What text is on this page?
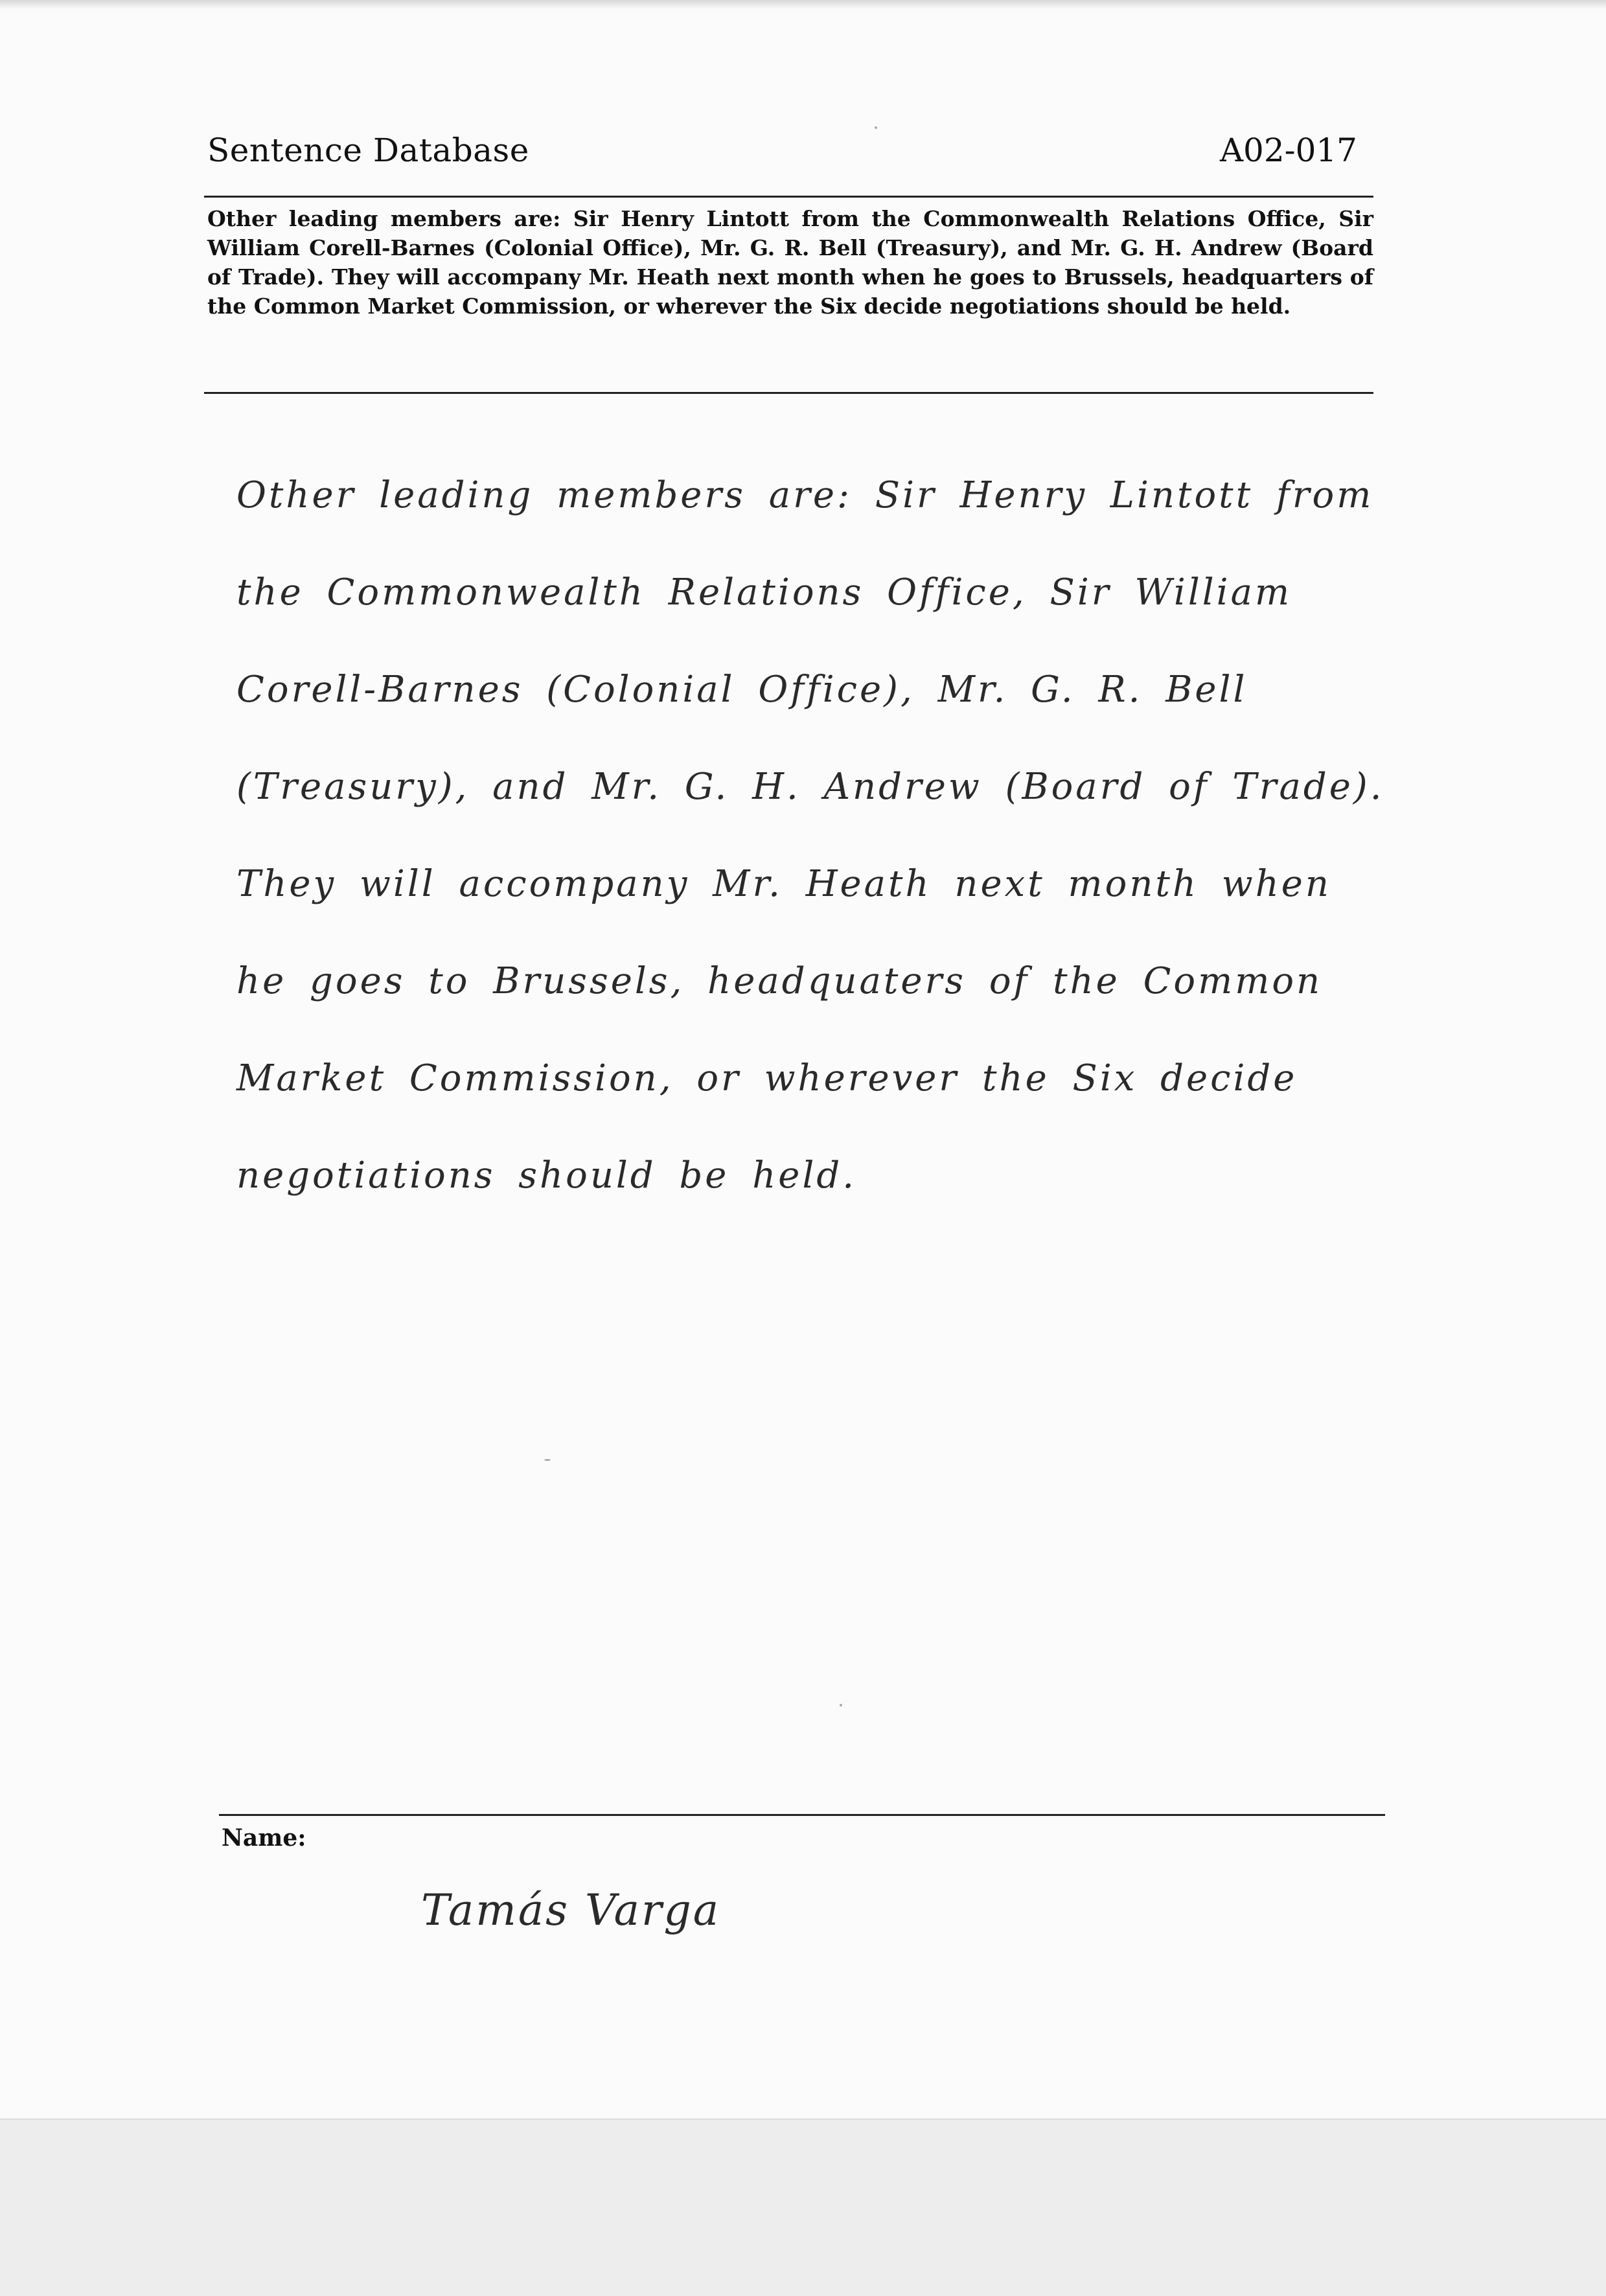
Sentence Database	A02-017
Other leading members are: Sir Henry Lintott from the Commonwealth Relations Office, Sir William Corell-Barnes (Colonial Office), Mr. G. R. Bell (Treasury), and Mr. G. H. Andrew (Board of Trade). They will accompany Mr. Heath next month when he goes to Brussels, headquarters of the Common Market Commission, or wherever the Six decide negotiations should be held.
Other leading members are: Sir Henry Lintott from
the Commonwealth Relations Office, Sir William
Corell-Barnes (Colonial Office), Mr. G. R. Bell
(Treasury), and Mr. G. H. Andrew (Board of Trade).
They will accompany Mr. Heath next month when
he goes to Brussels, headquaters of the Common
Market Commission, or wherever the Six decide
negotiations should be held.
Name:
Tamás Varga
